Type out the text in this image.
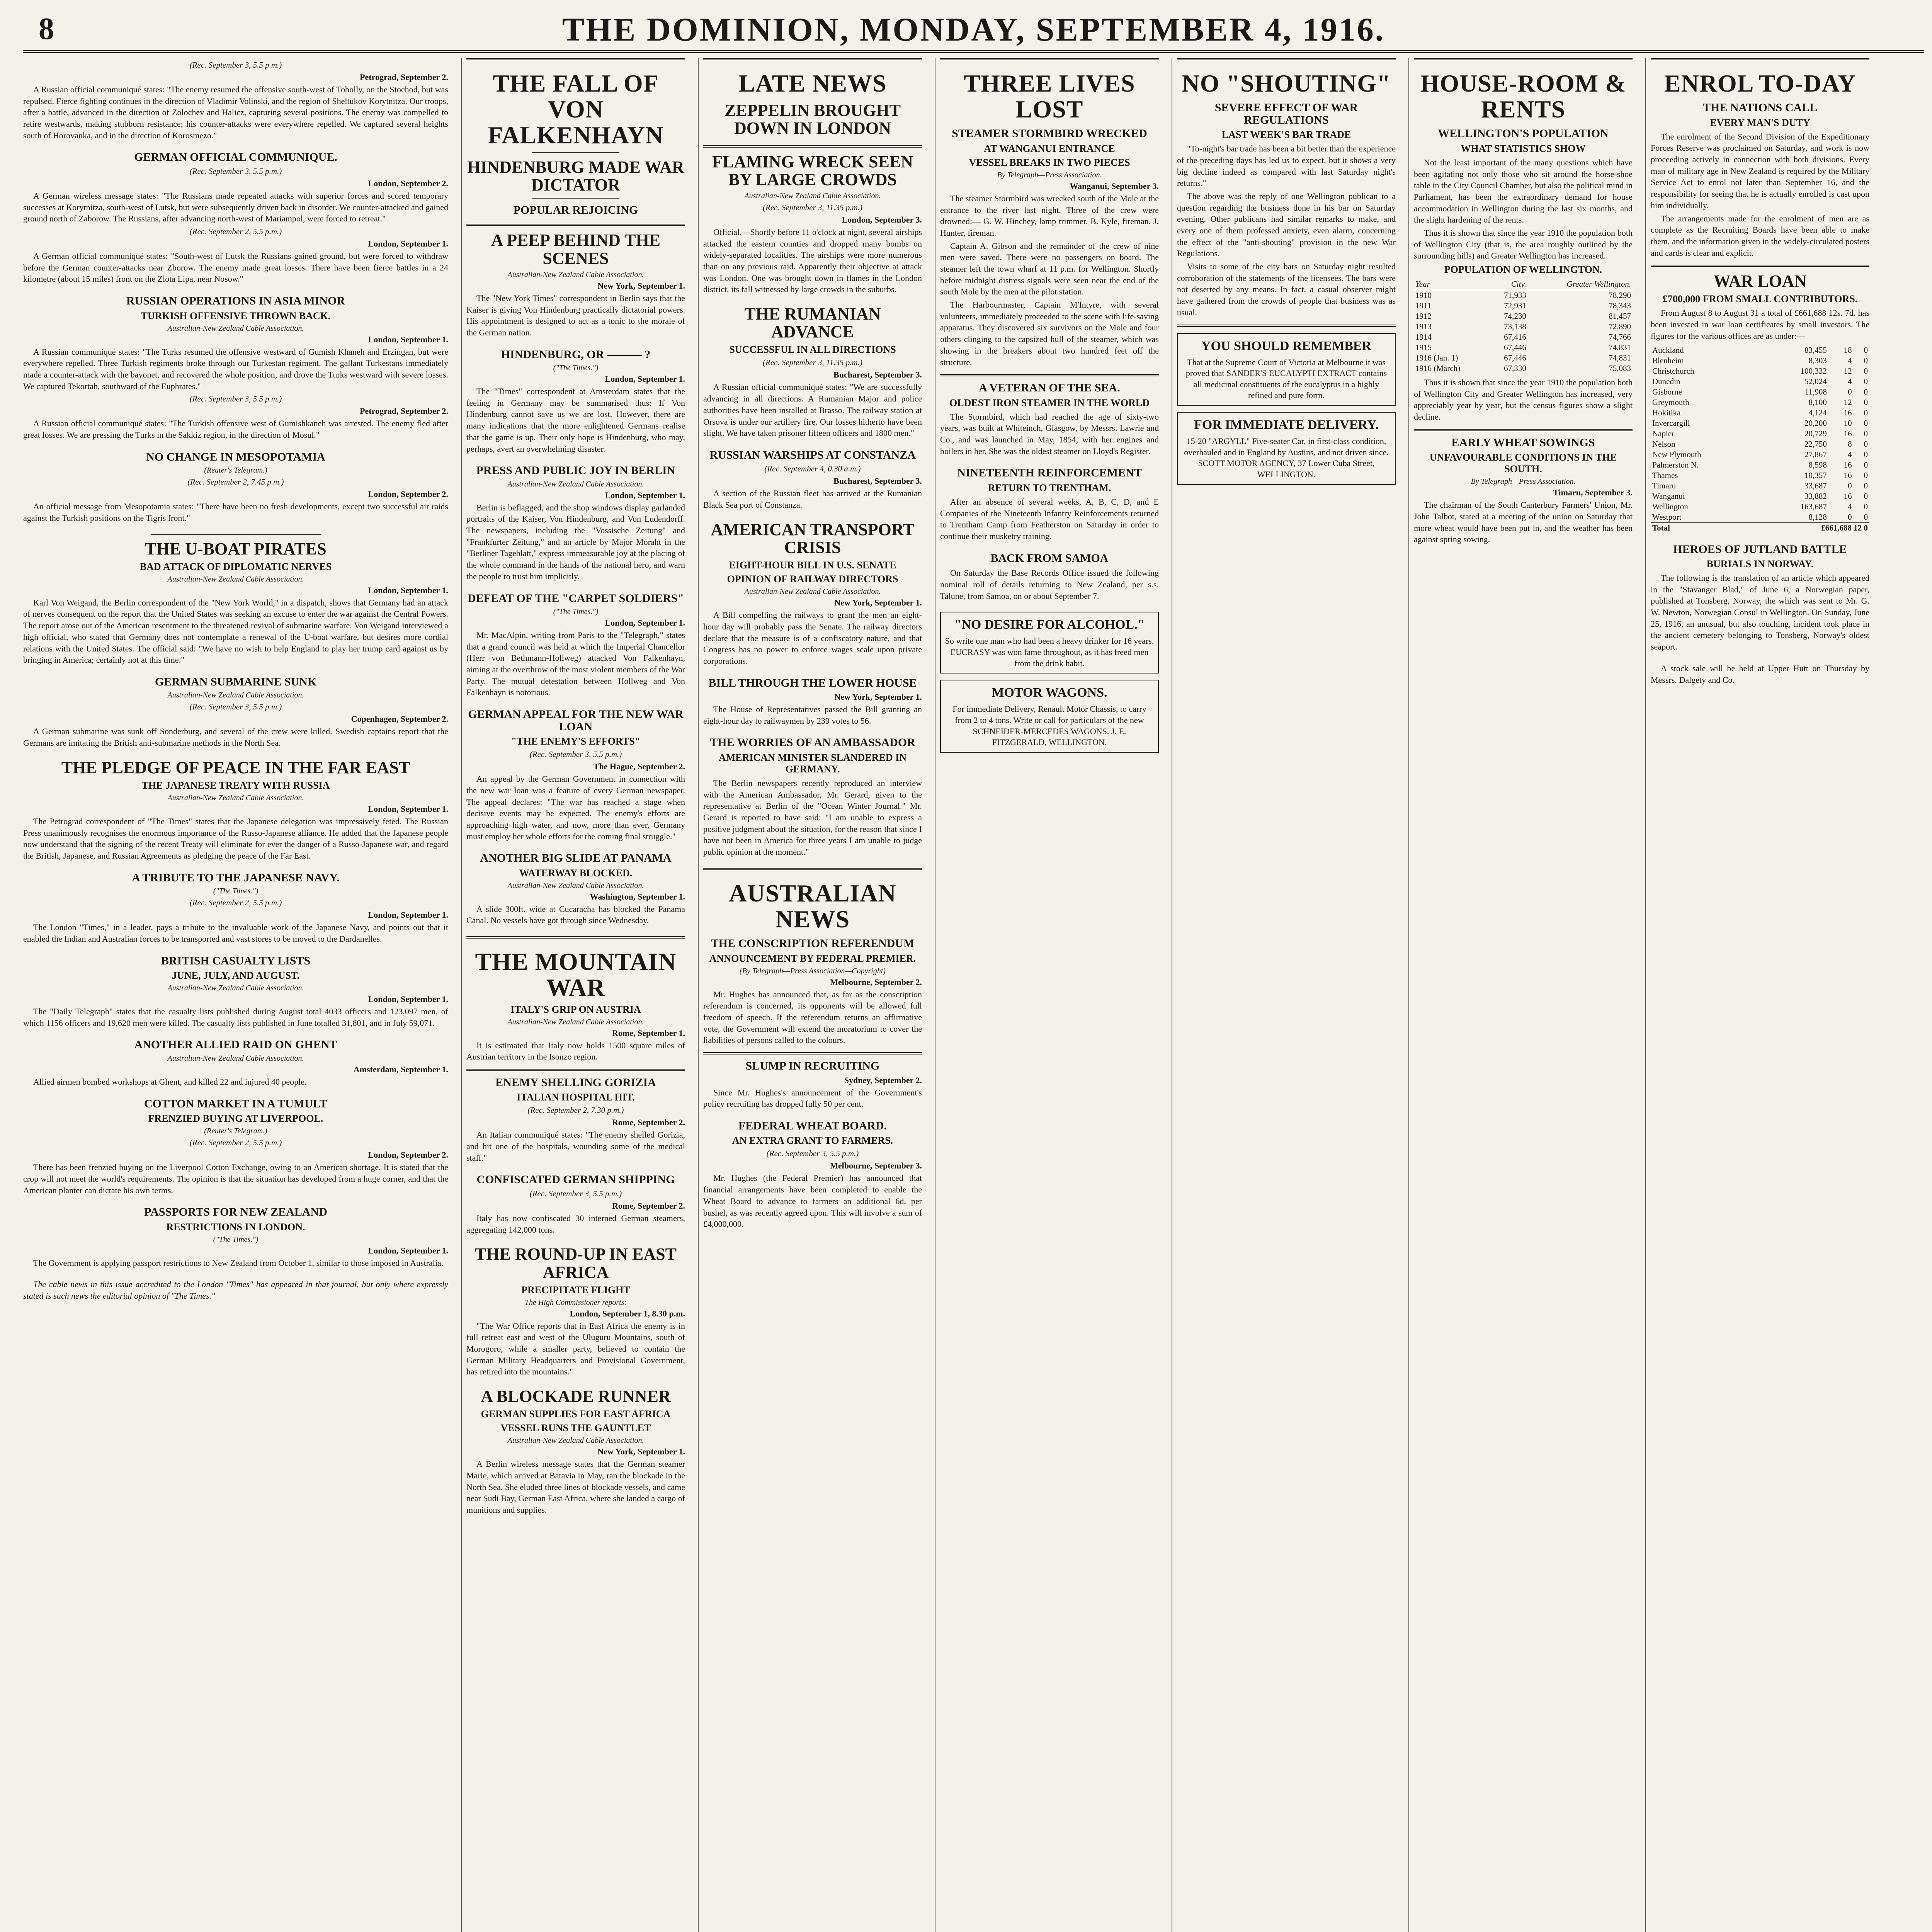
8	THE DOMINION, MONDAY, SEPTEMBER 4, 1916.
(Rec. September 3, 5.5 p.m.)
Petrograd, September 2.

A Russian official communiqué states: "The enemy resumed the offensive south-west of Tobolly, on the Stochod, but was repulsed. Fierce fighting continues in the direction of Vladimir Volinski, and the region of Sheltukov Korytnitza. Our troops, after a battle, advanced in the direction of Zolochev and Halicz, capturing several positions. The enemy was compelled to retire westwards, making stubborn resistance; his counter-attacks were everywhere repelled. We captured several heights south of Horovanka, and in the direction of Korosmezo."

GERMAN OFFICIAL COMMUNIQUE.
(Rec. September 3, 5.5 p.m.)
London, September 2.

A German wireless message states: "The Russians made repeated attacks with superior forces and scored temporary successes at Korytnitza, south-west of Lutsk, but were subsequently driven back in disorder. We counter-attacked and gained ground north of Zaborow. The Russians, after advancing north-west of Mariampol, were forced to retreat."

(Rec. September 2, 5.5 p.m.)
London, September 1.

A German official communiqué states: "South-west of Lutsk the Russians gained ground, but were forced to withdraw before the German counter-attacks near Zborow. The enemy made great losses. There have been fierce battles in a 24 kilometre (about 15 miles) front on the Zlota Lipa, near Nosow."

RUSSIAN OPERATIONS IN ASIA MINOR
TURKISH OFFENSIVE THROWN BACK.
Australian-New Zealand Cable Association.
London, September 1.

A Russian communiqué states: "The Turks resumed the offensive westward of Gumish Khaneh and Erzingan, but were everywhere repelled. Three Turkish regiments broke through our Turkestan regiment. The gallant Turkestans immediately made a counter-attack with the bayonet, and recovered the whole position, and drove the Turks westward with severe losses. We captured Tekortah, southward of the Euphrates."

(Rec. September 3, 5.5 p.m.)
Petrograd, September 2.

A Russian official communiqué states: "The Turkish offensive west of Gumishkaneh was arrested. The enemy fled after great losses. We are pressing the Turks in the Sakkiz region, in the direction of Mosul."

NO CHANGE IN MESOPOTAMIA
(Reuter's Telegram.)
(Rec. September 2, 7.45 p.m.)
London, September 2.

An official message from Mesopotamia states: "There have been no fresh developments, except two successful air raids against the Turkish positions on the Tigris front."

THE U-BOAT PIRATES
BAD ATTACK OF DIPLOMATIC NERVES
Australian-New Zealand Cable Association.
London, September 1.

Karl Von Weigand, the Berlin correspondent of the "New York World," in a dispatch, shows that Germany had an attack of nerves consequent on the report that the United States was seeking an excuse to enter the war against the Central Powers. The report arose out of the American resentment to the threatened revival of submarine warfare. Von Weigand interviewed a high official, who stated that Germany does not contemplate a renewal of the U-boat warfare, but desires more cordial relations with the United States. The official said: "We have no wish to help England to play her trump card against us by bringing in America; certainly not at this time."

GERMAN SUBMARINE SUNK
Australian-New Zealand Cable Association.
(Rec. September 3, 5.5 p.m.)
Copenhagen, September 2.

A German submarine was sunk off Sonderburg, and several of the crew were killed. Swedish captains report that the Germans are imitating the British anti-submarine methods in the North Sea.

THE PLEDGE OF PEACE IN THE FAR EAST
THE JAPANESE TREATY WITH RUSSIA
Australian-New Zealand Cable Association.
London, September 1.

The Petrograd correspondent of "The Times" states that the Japanese delegation was impressively feted. The Russian Press unanimously recognises the enormous importance of the Russo-Japanese alliance. He added that the Japanese people now understand that the signing of the recent Treaty will eliminate for ever the danger of a Russo-Japanese war, and regard the British, Japanese, and Russian Agreements as pledging the peace of the Far East.

A TRIBUTE TO THE JAPANESE NAVY.
("The Times.")
(Rec. September 2, 5.5 p.m.)
London, September 1.

The London "Times," in a leader, pays a tribute to the invaluable work of the Japanese Navy, and points out that it enabled the Indian and Australian forces to be transported and vast stores to be moved to the Dardanelles.

BRITISH CASUALTY LISTS
JUNE, JULY, AND AUGUST.
Australian-New Zealand Cable Association.
London, September 1.

The "Daily Telegraph" states that the casualty lists published during August total 4033 officers and 123,097 men, of which 1156 officers and 19,620 men were killed. The casualty lists published in June totalled 31,801, and in July 59,071.

ANOTHER ALLIED RAID ON GHENT
Australian-New Zealand Cable Association.
Amsterdam, September 1.

Allied airmen bombed workshops at Ghent, and killed 22 and injured 40 people.

COTTON MARKET IN A TUMULT
FRENZIED BUYING AT LIVERPOOL.
(Reuter's Telegram.)
(Rec. September 2, 5.5 p.m.)
London, September 2.

There has been frenzied buying on the Liverpool Cotton Exchange, owing to an American shortage. It is stated that the crop will not meet the world's requirements. The opinion is that the situation has developed from a huge corner, and that the American planter can dictate his own terms.

PASSPORTS FOR NEW ZEALAND
RESTRICTIONS IN LONDON.
("The Times.")
London, September 1.

The Government is applying passport restrictions to New Zealand from October 1, similar to those imposed in Australia.

The cable news in this issue accredited to the London "Times" has appeared in that journal, but only where expressly stated is such news the editorial opinion of "The Times."

THE FALL OF VON FALKENHAYN
HINDENBURG MADE WAR DICTATOR
POPULAR REJOICING
A PEEP BEHIND THE SCENES
Australian-New Zealand Cable Association.
New York, September 1.

The "New York Times" correspondent in Berlin says that the Kaiser is giving Von Hindenburg practically dictatorial powers. His appointment is designed to act as a tonic to the morale of the German nation.

HINDENBURG, OR ——— ?
("The Times.")
London, September 1.

The "Times" correspondent at Amsterdam states that the feeling in Germany may be summarised thus: If Von Hindenburg cannot save us we are lost. However, there are many indications that the more enlightened Germans realise that the game is up. Their only hope is Hindenburg, who may, perhaps, avert an overwhelming disaster.

PRESS AND PUBLIC JOY IN BERLIN
Australian-New Zealand Cable Association.
London, September 1.

Berlin is beflagged, and the shop windows display garlanded portraits of the Kaiser, Von Hindenburg, and Von Ludendorff. The newspapers, including the "Vossische Zeitung" and "Frankfurter Zeitung," and an article by Major Moraht in the "Berliner Tageblatt," express immeasurable joy at the placing of the whole command in the hands of the national hero, and warn the people to trust him implicitly.

DEFEAT OF THE "CARPET SOLDIERS"
("The Times.")
London, September 1.

Mr. MacAlpin, writing from Paris to the "Telegraph," states that a grand council was held at which the Imperial Chancellor (Herr von Bethmann-Hollweg) attacked Von Falkenhayn, aiming at the overthrow of the most violent members of the War Party. The mutual detestation between Hollweg and Von Falkenhayn is notorious.

GERMAN APPEAL FOR THE NEW WAR LOAN
"THE ENEMY'S EFFORTS"
(Rec. September 3, 5.5 p.m.)
The Hague, September 2.

An appeal by the German Government in connection with the new war loan was a feature of every German newspaper. The appeal declares: "The war has reached a stage when decisive events may be expected. The enemy's efforts are approaching high water, and now, more than ever, Germany must employ her whole efforts for the coming final struggle."

ANOTHER BIG SLIDE AT PANAMA
WATERWAY BLOCKED.
Australian-New Zealand Cable Association.
Washington, September 1.

A slide 300ft. wide at Cucaracha has blocked the Panama Canal. No vessels have got through since Wednesday.

THE MOUNTAIN WAR
ITALY'S GRIP ON AUSTRIA
Australian-New Zealand Cable Association.
Rome, September 1.

It is estimated that Italy now holds 1500 square miles of Austrian territory in the Isonzo region.

ENEMY SHELLING GORIZIA
ITALIAN HOSPITAL HIT.
(Rec. September 2, 7.30 p.m.)
Rome, September 2.

An Italian communiqué states: "The enemy shelled Gorizia, and hit one of the hospitals, wounding some of the medical staff."

CONFISCATED GERMAN SHIPPING
(Rec. September 3, 5.5 p.m.)
Rome, September 2.

Italy has now confiscated 30 interned German steamers, aggregating 142,000 tons.

THE ROUND-UP IN EAST AFRICA
PRECIPITATE FLIGHT
The High Commissioner reports:
London, September 1, 8.30 p.m.

"The War Office reports that in East Africa the enemy is in full retreat east and west of the Uluguru Mountains, south of Morogoro, while a smaller party, believed to contain the German Military Headquarters and Provisional Government, has retired into the mountains."

A BLOCKADE RUNNER
GERMAN SUPPLIES FOR EAST AFRICA
VESSEL RUNS THE GAUNTLET
Australian-New Zealand Cable Association.
New York, September 1.

A Berlin wireless message states that the German steamer Marie, which arrived at Batavia in May, ran the blockade in the North Sea. She eluded three lines of blockade vessels, and came near Sudi Bay, German East Africa, where she landed a cargo of munitions and supplies.

LATE NEWS
ZEPPELIN BROUGHT DOWN IN LONDON
FLAMING WRECK SEEN BY LARGE CROWDS
Australian-New Zealand Cable Association.
(Rec. September 3, 11.35 p.m.)
London, September 3.

Official.—Shortly before 11 o'clock at night, several airships attacked the eastern counties and dropped many bombs on widely-separated localities. The airships were more numerous than on any previous raid. Apparently their objective at attack was London. One was brought down in flames in the London district, its fall witnessed by large crowds in the suburbs.

THE RUMANIAN ADVANCE
SUCCESSFUL IN ALL DIRECTIONS
(Rec. September 3, 11.35 p.m.)
Bucharest, September 3.

A Russian official communiqué states: "We are successfully advancing in all directions. A Rumanian Major and police authorities have been installed at Brasso. The railway station at Orsova is under our artillery fire. Our losses hitherto have been slight. We have taken prisoner fifteen officers and 1800 men."

RUSSIAN WARSHIPS AT CONSTANZA
(Rec. September 4, 0.30 a.m.)
Bucharest, September 3.

A section of the Russian fleet has arrived at the Rumanian Black Sea port of Constanza.

AMERICAN TRANSPORT CRISIS
EIGHT-HOUR BILL IN U.S. SENATE
OPINION OF RAILWAY DIRECTORS
Australian-New Zealand Cable Association.
New York, September 1.

A Bill compelling the railways to grant the men an eight-hour day will probably pass the Senate. The railway directors declare that the measure is of a confiscatory nature, and that Congress has no power to enforce wages scale upon private corporations.

BILL THROUGH THE LOWER HOUSE
New York, September 1.

The House of Representatives passed the Bill granting an eight-hour day to railwaymen by 239 votes to 56.

THE WORRIES OF AN AMBASSADOR
AMERICAN MINISTER SLANDERED IN GERMANY.

The Berlin newspapers recently reproduced an interview with the American Ambassador, Mr. Gerard, given to the representative at Berlin of the "Ocean Winter Journal." Mr. Gerard is reported to have said: "I am unable to express a positive judgment about the situation, for the reason that since I have not been in America for three years I am unable to judge public opinion at the moment."

AUSTRALIAN NEWS
THE CONSCRIPTION REFERENDUM
ANNOUNCEMENT BY FEDERAL PREMIER.
(By Telegraph—Press Association—Copyright)
Melbourne, September 2.

Mr. Hughes has announced that, as far as the conscription referendum is concerned, its opponents will be allowed full freedom of speech. If the referendum returns an affirmative vote, the Government will extend the moratorium to cover the liabilities of persons called to the colours.

SLUMP IN RECRUITING
Sydney, September 2.

Since Mr. Hughes's announcement of the Government's policy recruiting has dropped fully 50 per cent.

FEDERAL WHEAT BOARD.
AN EXTRA GRANT TO FARMERS.
(Rec. September 3, 5.5 p.m.)
Melbourne, September 3.

Mr. Hughes (the Federal Premier) has announced that financial arrangements have been completed to enable the Wheat Board to advance to farmers an additional 6d. per bushel, as was recently agreed upon. This will involve a sum of £4,000,000.

THREE LIVES LOST
STEAMER STORMBIRD WRECKED
AT WANGANUI ENTRANCE
VESSEL BREAKS IN TWO PIECES
By Telegraph—Press Association.
Wanganui, September 3.

The steamer Stormbird was wrecked south of the Mole at the entrance to the river last night. Three of the crew were drowned:— G. W. Hinchey, lamp trimmer. B. Kyle, fireman. J. Hunter, fireman.

Captain A. Gibson and the remainder of the crew of nine men were saved. There were no passengers on board. The steamer left the town wharf at 11 p.m. for Wellington. Shortly before midnight distress signals were seen near the end of the south Mole by the men at the pilot station.

The Harbourmaster, Captain M'Intyre, with several volunteers, immediately proceeded to the scene with life-saving apparatus. They discovered six survivors on the Mole and four others clinging to the capsized hull of the steamer, which was showing in the breakers about two hundred feet off the structure.

A VETERAN OF THE SEA.
OLDEST IRON STEAMER IN THE WORLD

The Stormbird, which had reached the age of sixty-two years, was built at Whiteinch, Glasgow, by Messrs. Lawrie and Co., and was launched in May, 1854, with her engines and boilers in her. She was the oldest steamer on Lloyd's Register.

NINETEENTH REINFORCEMENT
RETURN TO TRENTHAM.

After an absence of several weeks, A, B, C, D, and E Companies of the Nineteenth Infantry Reinforcements returned to Trentham Camp from Featherston on Saturday in order to continue their musketry training.

BACK FROM SAMOA

On Saturday the Base Records Office issued the following nominal roll of details returning to New Zealand, per s.s. Talune, from Samoa, on or about September 7.

"NO DESIRE FOR ALCOHOL."
So write one man who had been a heavy drinker for 16 years. EUCRASY was won fame throughout, as it has freed men from the drink habit.
MOTOR WAGONS.
For immediate Delivery, Renault Motor Chassis, to carry from 2 to 4 tons. Write or call for particulars of the new SCHNEIDER-MERCEDES WAGONS. J. E. FITZGERALD, WELLINGTON.
NO "SHOUTING"
SEVERE EFFECT OF WAR REGULATIONS
LAST WEEK'S BAR TRADE

"To-night's bar trade has been a bit better than the experience of the preceding days has led us to expect, but it shows a very big decline indeed as compared with last Saturday night's returns."

The above was the reply of one Wellington publican to a question regarding the business done in his bar on Saturday evening. Other publicans had similar remarks to make, and every one of them professed anxiety, even alarm, concerning the effect of the "anti-shouting" provision in the new War Regulations.

Visits to some of the city bars on Saturday night resulted corroboration of the statements of the licensees. The bars were not deserted by any means. In fact, a casual observer might have gathered from the crowds of people that business was as usual.

YOU SHOULD REMEMBER
That at the Supreme Court of Victoria at Melbourne it was proved that SANDER'S EUCALYPTI EXTRACT contains all medicinal constituents of the eucalyptus in a highly refined and pure form.
FOR IMMEDIATE DELIVERY.
15-20 "ARGYLL" Five-seater Car, in first-class condition, overhauled and in England by Austins, and not driven since. SCOTT MOTOR AGENCY, 37 Lower Cuba Street, WELLINGTON.
HOUSE-ROOM & RENTS
WELLINGTON'S POPULATION
WHAT STATISTICS SHOW

Not the least important of the many questions which have been agitating not only those who sit around the horse-shoe table in the City Council Chamber, but also the political mind in Parliament, has been the extraordinary demand for house accommodation in Wellington during the last six months, and the slight hardening of the rents.

Thus it is shown that since the year 1910 the population both of Wellington City (that is, the area roughly outlined by the surrounding hills) and Greater Wellington has increased.

POPULATION OF WELLINGTON.
Year	City.	Greater Wellington.
1910	71,933	78,290
1911	72,931	78,343
1912	74,230	81,457
1913	73,138	72,890
1914	67,416	74,766
1915	67,446	74,831
1916 (Jan. 1)	67,446	74,831
1916 (March)	67,330	75,083

Thus it is shown that since the year 1910 the population both of Wellington City and Greater Wellington has increased, very appreciably year by year, but the census figures show a slight decline.

EARLY WHEAT SOWINGS
UNFAVOURABLE CONDITIONS IN THE SOUTH.
By Telegraph—Press Association.
Timaru, September 3.

The chairman of the South Canterbury Farmers' Union, Mr. John Talbot, stated at a meeting of the union on Saturday that more wheat would have been put in, and the weather has been against spring sowing.

ENROL TO-DAY
THE NATIONS CALL
EVERY MAN'S DUTY

The enrolment of the Second Division of the Expeditionary Forces Reserve was proclaimed on Saturday, and work is now proceeding actively in connection with both divisions. Every man of military age in New Zealand is required by the Military Service Act to enrol not later than September 16, and the responsibility for seeing that he is actually enrolled is cast upon him individually.

The arrangements made for the enrolment of men are as complete as the Recruiting Boards have been able to make them, and the information given in the widely-circulated posters and cards is clear and explicit.

WAR LOAN
£700,000 FROM SMALL CONTRIBUTORS.

From August 8 to August 31 a total of £661,688 12s. 7d. has been invested in war loan certificates by small investors. The figures for the various offices are as under:—

Auckland	83,455	18	0
Blenheim	8,303	4	0
Christchurch	100,332	12	0
Dunedin	52,024	4	0
Gisborne	11,908	0	0
Greymouth	8,100	12	0
Hokitika	4,124	16	0
Invercargill	20,200	10	0
Napier	20,729	16	0
Nelson	22,750	8	0
New Plymouth	27,867	4	0
Palmerston N.	8,598	16	0
Thames	10,357	16	0
Timaru	33,687	0	0
Wanganui	33,882	16	0
Wellington	163,687	4	0
Westport	8,128	0	0
Total	£661,688 12 0		
HEROES OF JUTLAND BATTLE
BURIALS IN NORWAY.

The following is the translation of an article which appeared in the "Stavanger Blad," of June 6, a Norwegian paper, published at Tonsberg, Norway, the which was sent to Mr. G. W. Newton, Norwegian Consul in Wellington. On Sunday, June 25, 1916, an unusual, but also touching, incident took place in the ancient cemetery belonging to Tonsberg, Norway's oldest seaport.

A stock sale will be held at Upper Hutt on Thursday by Messrs. Dalgety and Co.
